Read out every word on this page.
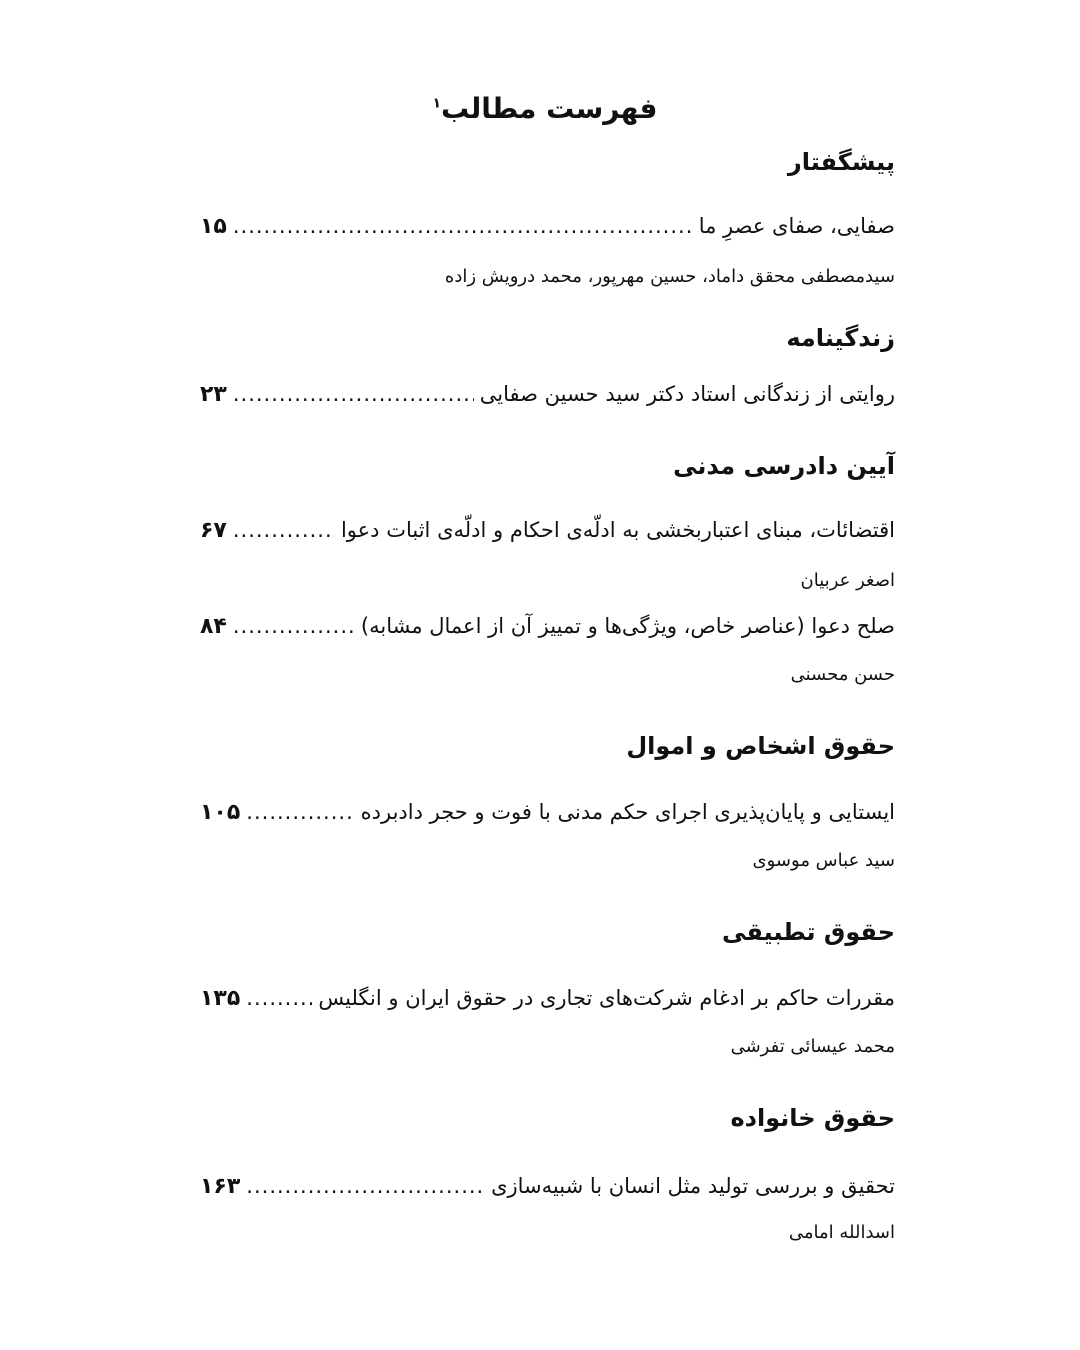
فهرست مطالب$^۱$
پیشگفتار
صفایی، صفای عصرِ ما
.....
۱۵
سیدمصطفی محقق داماد، حسین مهرپور، محمد درویش زاده
زندگینامه
روایتی از زندگانی استاد دکتر سید حسین صفایی
.....
۲۳
آیین دادرسی مدنی
اقتضائات، مبنای اعتباربخشی به ادلّه‌ی احکام و ادلّه‌ی اثبات دعوا
.....
۶۷
اصغر عربیان
صلح دعوا (عناصر خاص، ویژگی‌ها و تمییز آن از اعمال مشابه)
.....
۸۴
حسن محسنی
حقوق اشخاص و اموال
ایستایی و پایان‌پذیری اجرای حکم مدنی با فوت و حجر دادبرده
.....
۱۰۵
سید عباس موسوی
حقوق تطبیقی
مقررات حاکم بر ادغام شرکت‌های تجاری در حقوق ایران و انگلیس
.....
۱۳۵
محمد عیسائی تفرشی
حقوق خانواده
تحقیق و بررسی تولید مثل انسان با شبیه‌سازی
.....
۱۶۳
اسدالله امامی
